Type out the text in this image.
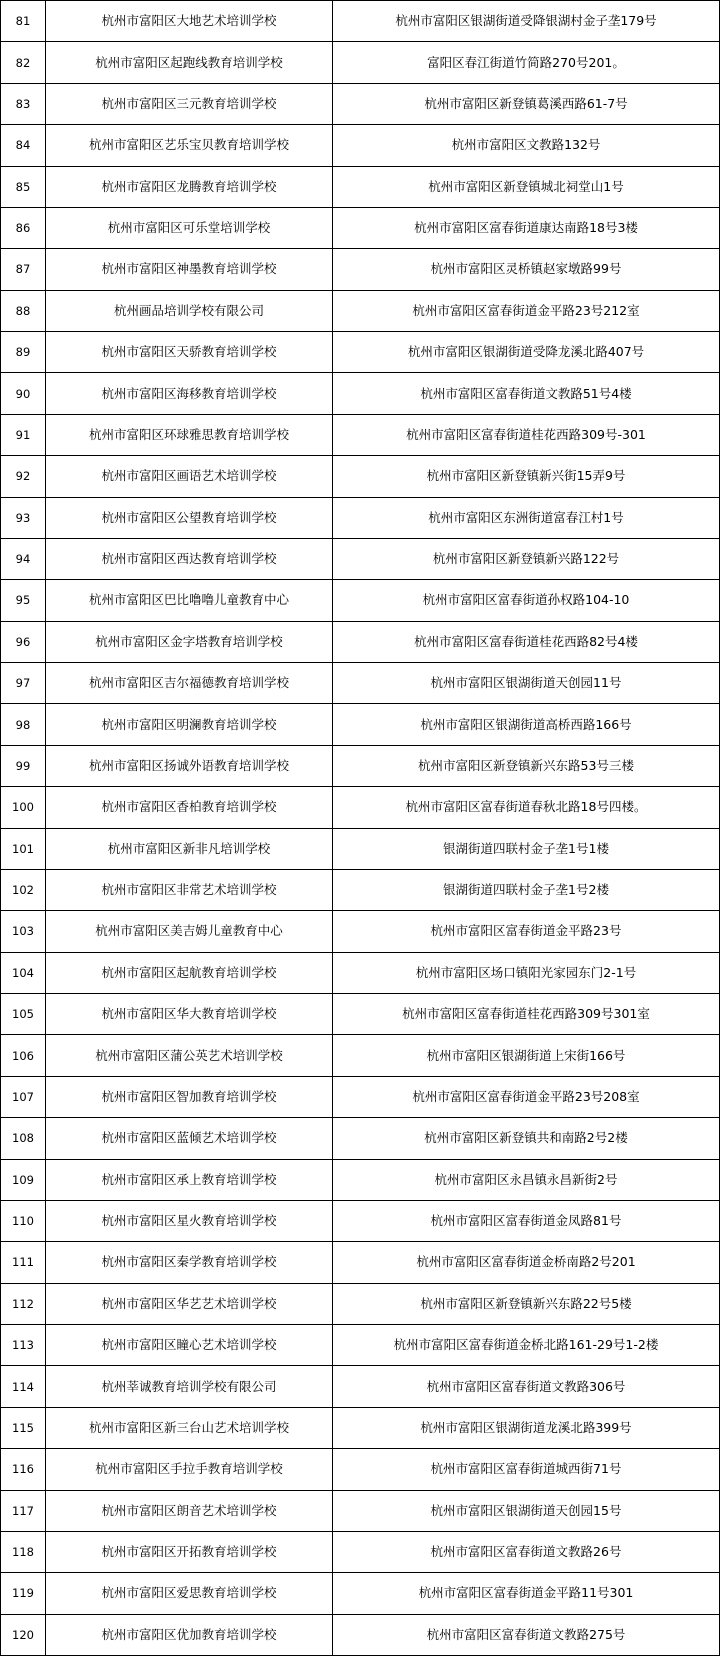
81	杭州市富阳区大地艺术培训学校	杭州市富阳区银湖街道受降银湖村金子垄179号
82	杭州市富阳区起跑线教育培训学校	富阳区春江街道竹简路270号201。
83	杭州市富阳区三元教育培训学校	杭州市富阳区新登镇葛溪西路61-7号
84	杭州市富阳区艺乐宝贝教育培训学校	杭州市富阳区文教路132号
85	杭州市富阳区龙腾教育培训学校	杭州市富阳区新登镇城北祠堂山1号
86	杭州市富阳区可乐堂培训学校	杭州市富阳区富春街道康达南路18号3楼
87	杭州市富阳区神墨教育培训学校	杭州市富阳区灵桥镇赵家墩路99号
88	杭州画品培训学校有限公司	杭州市富阳区富春街道金平路23号212室
89	杭州市富阳区天骄教育培训学校	杭州市富阳区银湖街道受降龙溪北路407号
90	杭州市富阳区海移教育培训学校	杭州市富阳区富春街道文教路51号4楼
91	杭州市富阳区环球雅思教育培训学校	杭州市富阳区富春街道桂花西路309号-301
92	杭州市富阳区画语艺术培训学校	杭州市富阳区新登镇新兴街15弄9号
93	杭州市富阳区公望教育培训学校	杭州市富阳区东洲街道富春江村1号
94	杭州市富阳区西达教育培训学校	杭州市富阳区新登镇新兴路122号
95	杭州市富阳区巴比噜噜儿童教育中心	杭州市富阳区富春街道孙权路104-10
96	杭州市富阳区金字塔教育培训学校	杭州市富阳区富春街道桂花西路82号4楼
97	杭州市富阳区吉尔福德教育培训学校	杭州市富阳区银湖街道天创园11号
98	杭州市富阳区明澜教育培训学校	杭州市富阳区银湖街道高桥西路166号
99	杭州市富阳区扬诚外语教育培训学校	杭州市富阳区新登镇新兴东路53号三楼
100	杭州市富阳区香柏教育培训学校	杭州市富阳区富春街道春秋北路18号四楼。
101	杭州市富阳区新非凡培训学校	银湖街道四联村金子垄1号1楼
102	杭州市富阳区非常艺术培训学校	银湖街道四联村金子垄1号2楼
103	杭州市富阳区美吉姆儿童教育中心	杭州市富阳区富春街道金平路23号
104	杭州市富阳区起航教育培训学校	杭州市富阳区场口镇阳光家园东门2-1号
105	杭州市富阳区华大教育培训学校	杭州市富阳区富春街道桂花西路309号301室
106	杭州市富阳区蒲公英艺术培训学校	杭州市富阳区银湖街道上宋街166号
107	杭州市富阳区智加教育培训学校	杭州市富阳区富春街道金平路23号208室
108	杭州市富阳区蓝倾艺术培训学校	杭州市富阳区新登镇共和南路2号2楼
109	杭州市富阳区承上教育培训学校	杭州市富阳区永昌镇永昌新街2号
110	杭州市富阳区星火教育培训学校	杭州市富阳区富春街道金凤路81号
111	杭州市富阳区秦学教育培训学校	杭州市富阳区富春街道金桥南路2号201
112	杭州市富阳区华艺艺术培训学校	杭州市富阳区新登镇新兴东路22号5楼
113	杭州市富阳区瞳心艺术培训学校	杭州市富阳区富春街道金桥北路161-29号1-2楼
114	杭州莘诚教育培训学校有限公司	杭州市富阳区富春街道文教路306号
115	杭州市富阳区新三台山艺术培训学校	杭州市富阳区银湖街道龙溪北路399号
116	杭州市富阳区手拉手教育培训学校	杭州市富阳区富春街道城西街71号
117	杭州市富阳区朗音艺术培训学校	杭州市富阳区银湖街道天创园15号
118	杭州市富阳区开拓教育培训学校	杭州市富阳区富春街道文教路26号
119	杭州市富阳区爱思教育培训学校	杭州市富阳区富春街道金平路11号301
120	杭州市富阳区优加教育培训学校	杭州市富阳区富春街道文教路275号
